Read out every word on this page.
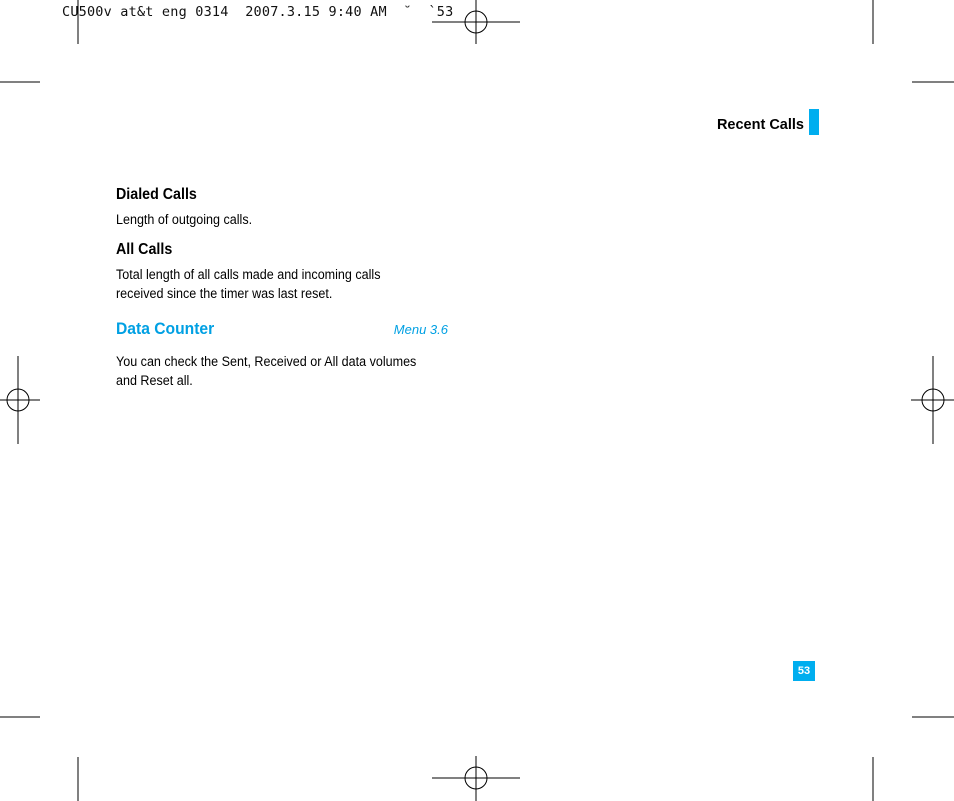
CU500v at&t eng 0314  2007.3.15 9:40 AM  ˘  `53
Recent Calls
Dialed Calls

Length of outgoing calls.

All Calls

Total length of all calls made and incoming calls

received since the timer was last reset.

Data Counter	Menu 3.6

You can check the Sent, Received or All data volumes

and Reset all.

53
